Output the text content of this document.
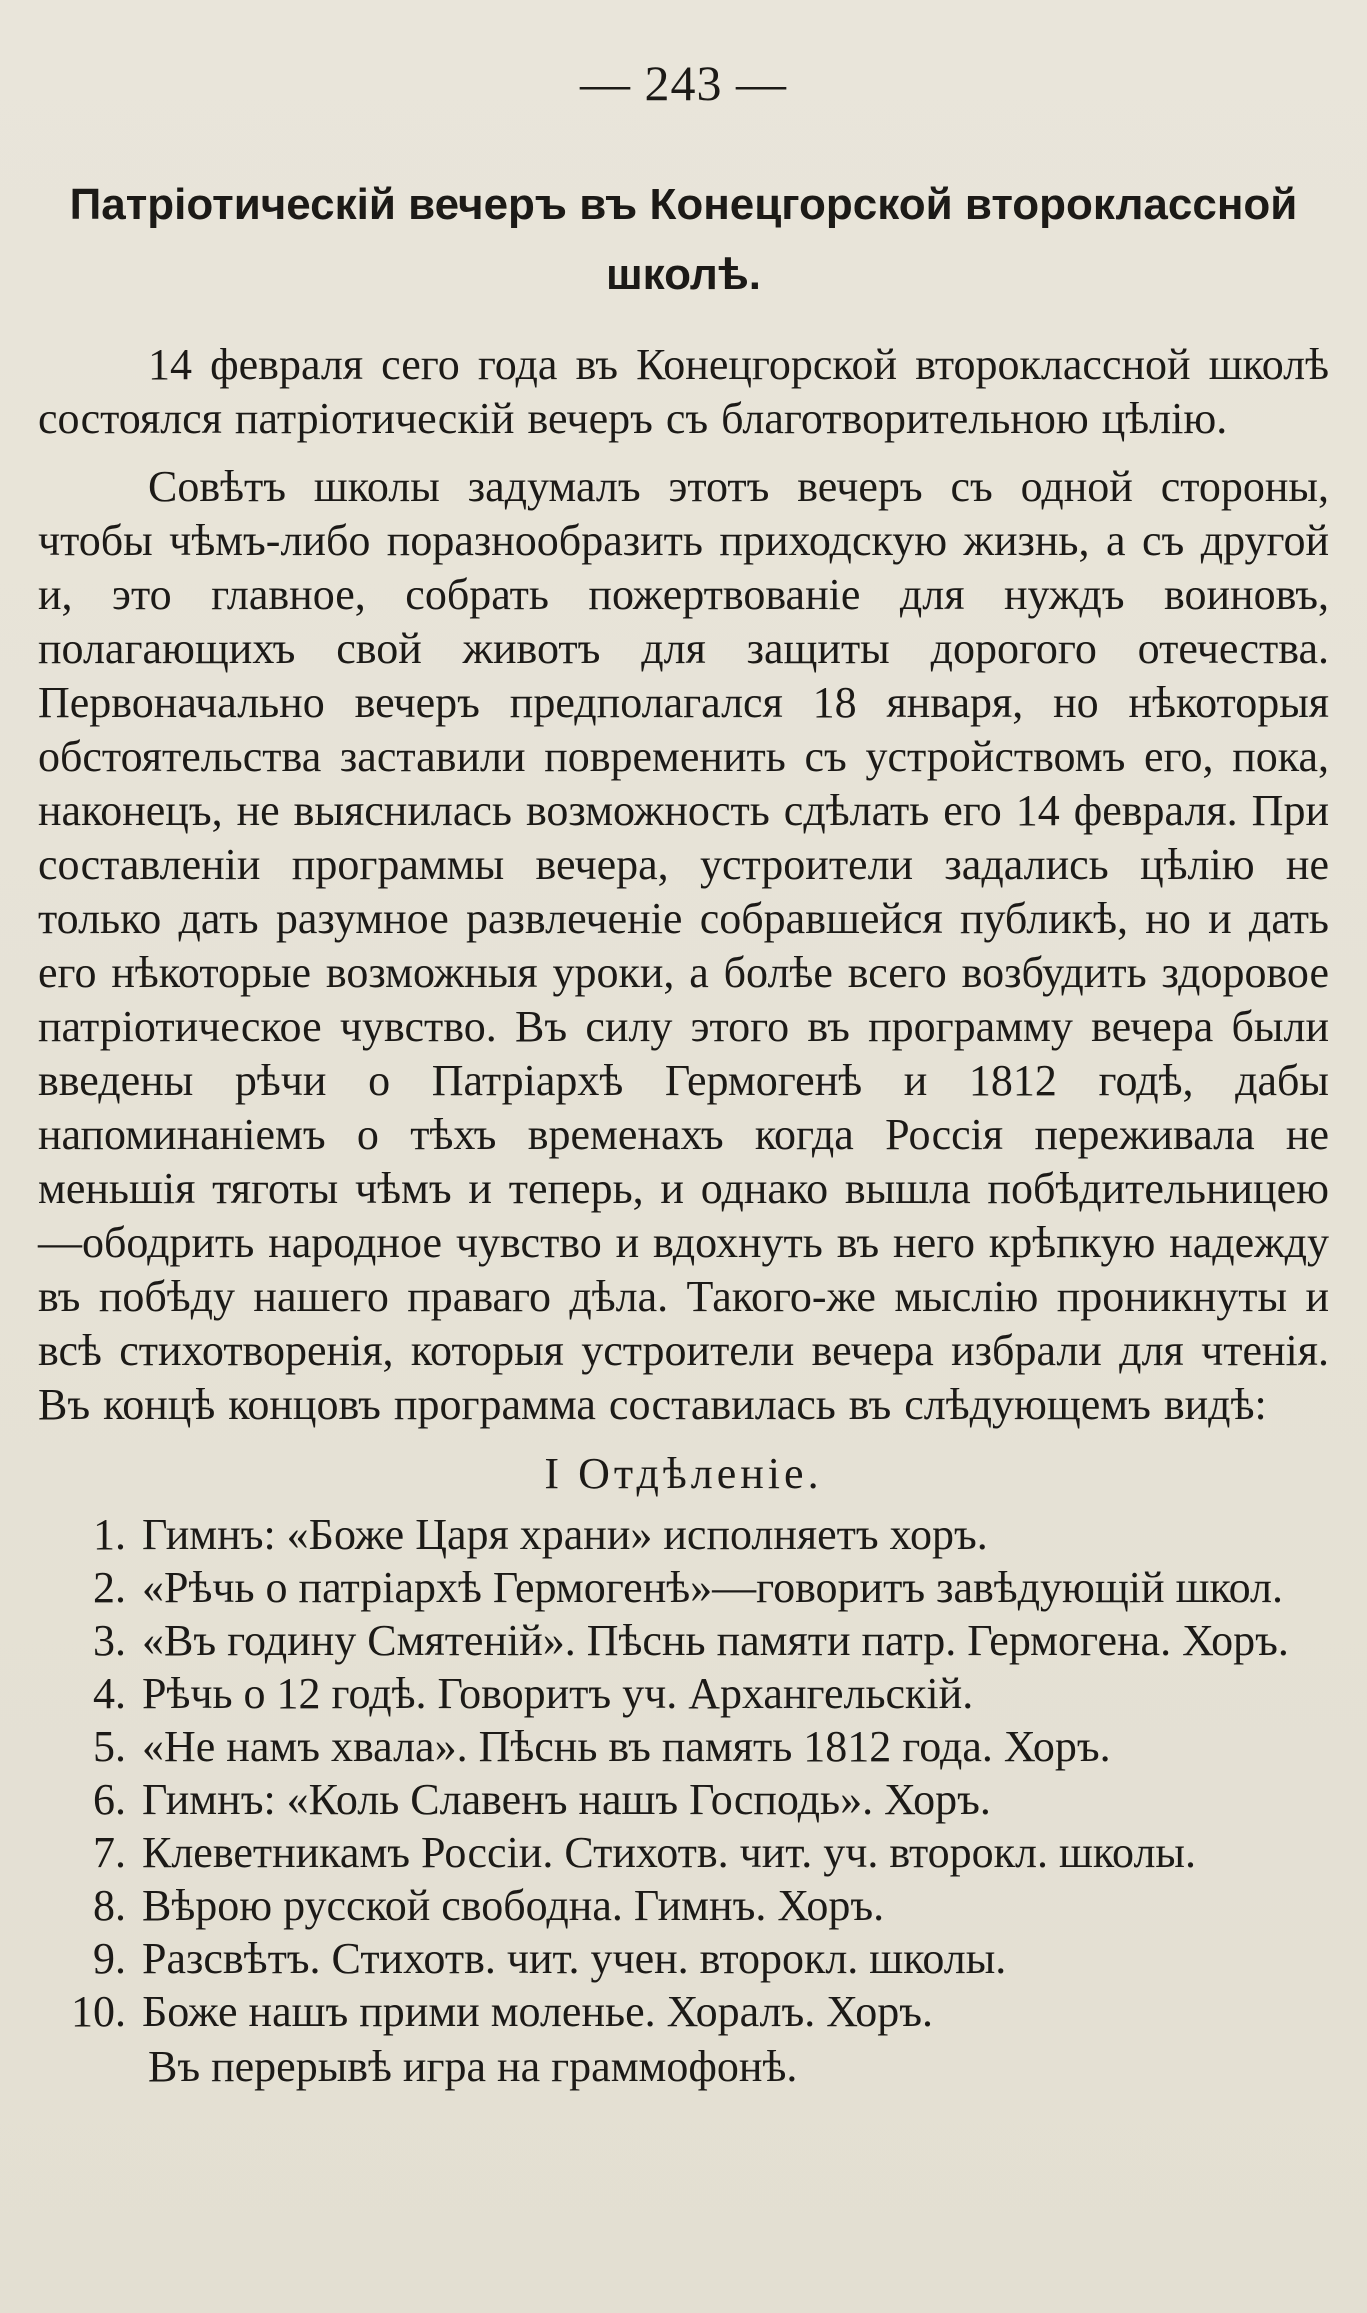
— 243 —
Патріотическій вечеръ въ Конецгорской второклассной
школѣ.

14 февраля сего года въ Конецгорской второклассной школѣ состоялся патріотическій вечеръ съ благотворительною цѣлію.

Совѣтъ школы задумалъ этотъ вечеръ съ одной стороны, чтобы чѣмъ-либо поразнообразить приходскую жизнь, а съ другой и, это главное, собрать пожертвованіе для нуждъ воиновъ, полагающихъ свой животъ для защиты дорогого отечества. Первоначально вечеръ предполагался 18 января, но нѣкоторыя обстоятельства заставили повременить съ устройствомъ его, пока, наконецъ, не выяснилась возможность сдѣлать его 14 февраля. При составленіи программы вечера, устроители задались цѣлію не только дать разумное развлеченіе собравшейся публикѣ, но и дать его нѣкоторые возможныя уроки, а болѣе всего возбудить здоровое патріотическое чувство. Въ силу этого въ программу вечера были введены рѣчи о Патріархѣ Гермогенѣ и 1812 годѣ, дабы напоминаніемъ о тѣхъ временахъ когда Россія переживала не меньшія тяготы чѣмъ и теперь, и однако вышла побѣдительницею—ободрить народное чувство и вдохнуть въ него крѣпкую надежду въ побѣду нашего праваго дѣла. Такого-же мыслію проникнуты и всѣ стихотворенія, которыя устроители вечера избрали для чтенія. Въ концѣ концовъ программа составилась въ слѣдующемъ видѣ:

I Отдѣленіе.
1. Гимнъ: «Боже Царя храни» исполняетъ хоръ.
2. «Рѣчь о патріархѣ Гермогенѣ»—говоритъ завѣдующій школ.
3. «Въ годину Смятеній». Пѣснь памяти патр. Гермогена. Хоръ.
4. Рѣчь о 12 годѣ. Говоритъ уч. Архангельскій.
5. «Не намъ хвала». Пѣснь въ память 1812 года. Хоръ.
6. Гимнъ: «Коль Славенъ нашъ Господь». Хоръ.
7. Клеветникамъ Россіи. Стихотв. чит. уч. второкл. школы.
8. Вѣрою русской свободна. Гимнъ. Хоръ.
9. Разсвѣтъ. Стихотв. чит. учен. второкл. школы.
10. Боже нашъ прими моленье. Хоралъ. Хоръ.

Въ перерывѣ игра на граммофонѣ.
